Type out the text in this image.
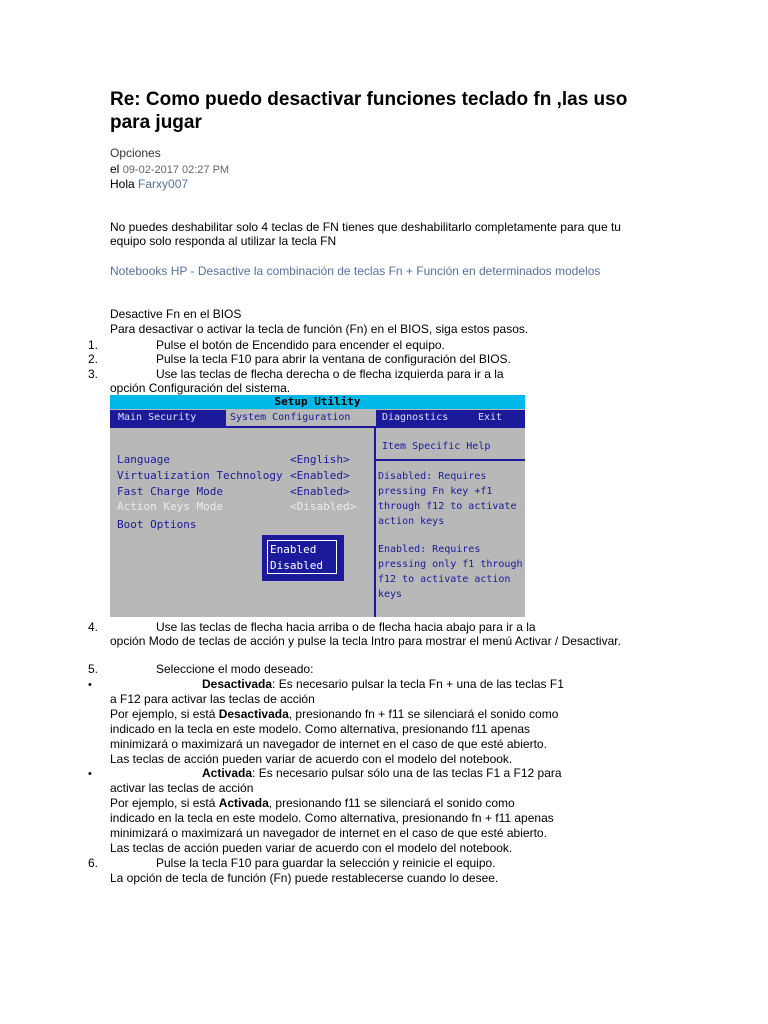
Re: Como puedo desactivar funciones teclado fn ,las uso para jugar
Opciones
el 09-02-2017 02:27 PM
Hola Farxy007

No puedes deshabilitar solo 4 teclas de FN tienes que deshabilitarlo completamente para que tu equipo solo responda al utilizar la tecla FN

Notebooks HP - Desactive la combinación de teclas Fn + Función en determinados modelos

Desactive Fn en el BIOS

Para desactivar o activar la tecla de función (Fn) en el BIOS, siga estos pasos.

1.	Pulse el botón de Encendido para encender el equipo.
2.	Pulse la tecla F10 para abrir la ventana de configuración del BIOS.
3.	Use las teclas de flecha derecha o de flecha izquierda para ir a la
opción Configuración del sistema.
Setup Utility
Main Security	System Configuration	Diagnostics	Exit
Item Specific Help
Language	<English>
Virtualization Technology <Enabled>
Fast Charge Mode	<Enabled>
Action Keys Mode	<Disabled>
Boot Options
Enabled
Disabled
Disabled: Requires
pressing Fn key +f1
through f12 to activate
action keys
Enabled: Requires
pressing only f1 through
f12 to activate action
keys
4.	Use las teclas de flecha hacia arriba o de flecha hacia abajo para ir a la
opción Modo de teclas de acción y pulse la tecla Intro para mostrar el menú Activar / Desactivar.
5.	Seleccione el modo deseado:
•	Desactivada: Es necesario pulsar la tecla Fn + una de las teclas F1
a F12 para activar las teclas de acción
Por ejemplo, si está Desactivada, presionando fn + f11 se silenciará el sonido como
indicado en la tecla en este modelo. Como alternativa, presionando f11 apenas
minimizará o maximizará un navegador de internet en el caso de que esté abierto.
Las teclas de acción pueden variar de acuerdo con el modelo del notebook.
•	Activada: Es necesario pulsar sólo una de las teclas F1 a F12 para
activar las teclas de acción
Por ejemplo, si está Activada, presionando f11 se silenciará el sonido como
indicado en la tecla en este modelo. Como alternativa, presionando fn + f11 apenas
minimizará o maximizará un navegador de internet en el caso de que esté abierto.
Las teclas de acción pueden variar de acuerdo con el modelo del notebook.
6.	Pulse la tecla F10 para guardar la selección y reinicie el equipo.
La opción de tecla de función (Fn) puede restablecerse cuando lo desee.
